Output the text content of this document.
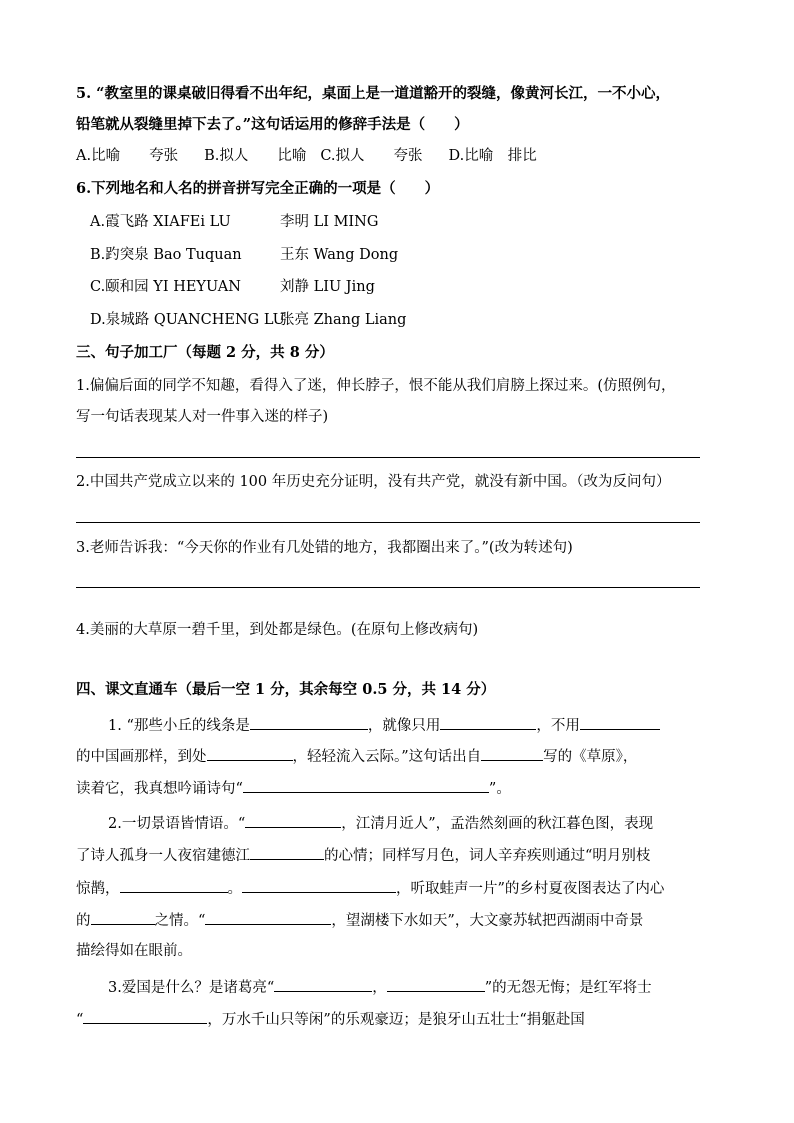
5. “教室里的课桌破旧得看不出年纪，桌面上是一道道豁开的裂缝，像黄河长江，一不小心，
铅笔就从裂缝里掉下去了。”这句话运用的修辞手法是（　　）
A.比喻　　夸张 B.拟人　　比喻 C.拟人　　夸张 D.比喻　排比
6.下列地名和人名的拼音拼写完全正确的一项是（　　）
A.霞飞路 XIAFEi LU	李明 LI MING
B.趵突泉 Bao Tuquan	王东 Wang Dong
C.颐和园 YI HEYUAN	刘静 LIU Jing
D.泉城路 QUANCHENG LU张亮 Zhang Liang
三、句子加工厂（每题 2 分，共 8 分）
1.偏偏后面的同学不知趣，看得入了迷，伸长脖子，恨不能从我们肩膀上探过来。(仿照例句，
写一句话表现某人对一件事入迷的样子)
2.中国共产党成立以来的 100 年历史充分证明，没有共产党，就没有新中国。（改为反问句）
3.老师告诉我：“今天你的作业有几处错的地方，我都圈出来了。”(改为转述句)
4.美丽的大草原一碧千里，到处都是绿色。(在原句上修改病句)
四、课文直通车（最后一空 1 分，其余每空 0.5 分，共 14 分）
1. “那些小丘的线条是	，就像只用	，不用
的中国画那样，到处	，轻轻流入云际。”这句话出自	写的《草原》，
读着它，我真想吟诵诗句“	”。
2.一切景语皆情语。“	，江清月近人”，孟浩然刻画的秋江暮色图，表现
了诗人孤身一人夜宿建德江	的心情；同样写月色，词人辛弃疾则通过“明月别枝
惊鹊，	。	，听取蛙声一片”的乡村夏夜图表达了内心
的	之情。“	，望湖楼下水如天”，大文豪苏轼把西湖雨中奇景
描绘得如在眼前。
3.爱国是什么？是诸葛亮“	，	”的无怨无悔；是红军将士
“	，万水千山只等闲”的乐观豪迈；是狼牙山五壮士“捐躯赴国
